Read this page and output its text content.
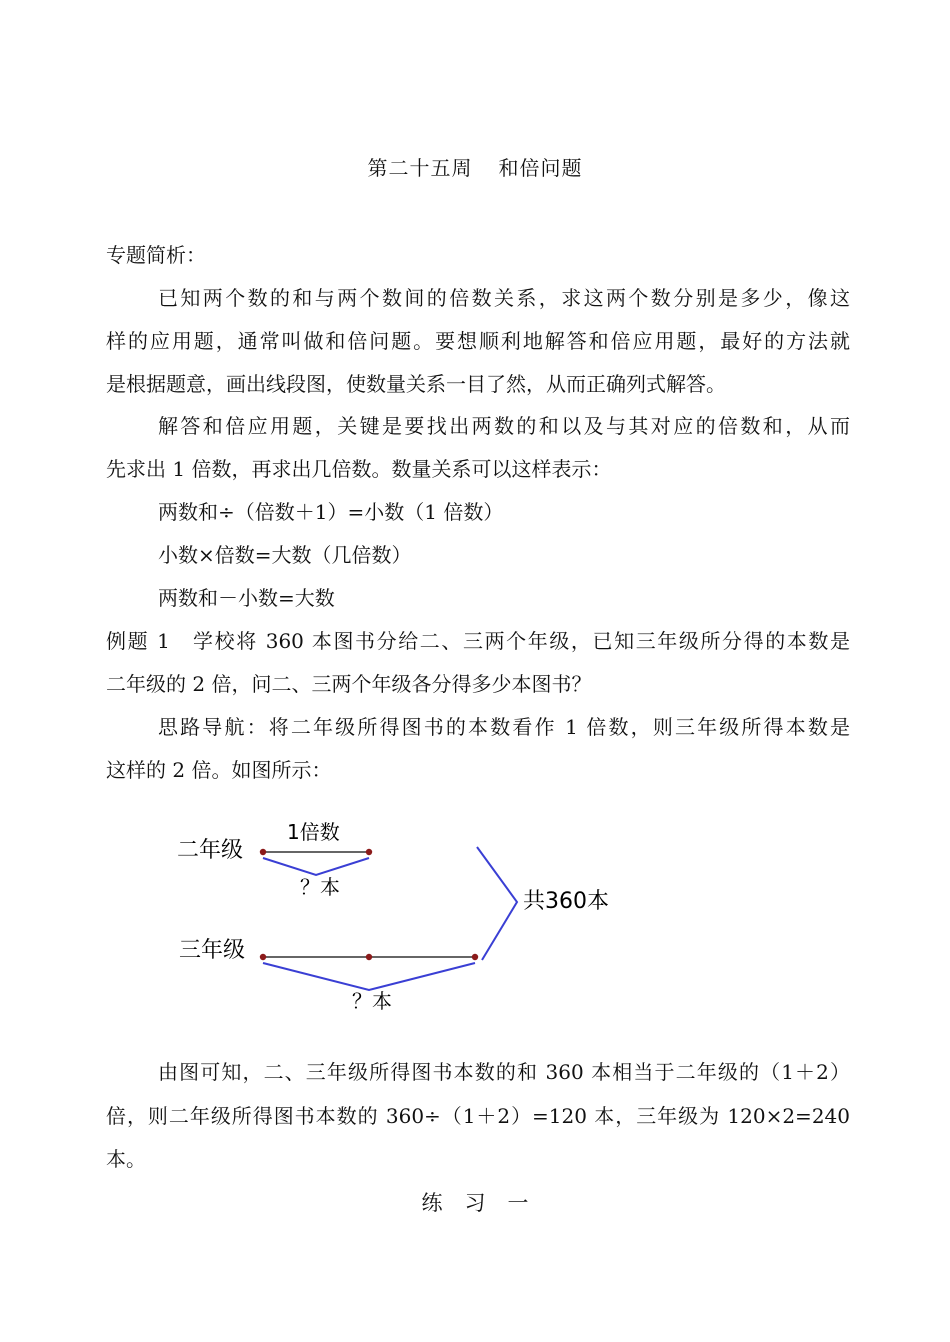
第二十五周 和倍问题
专题简析：
已知两个数的和与两个数间的倍数关系，求这两个数分别是多少，像这
样的应用题，通常叫做和倍问题。要想顺利地解答和倍应用题，最好的方法就
是根据题意，画出线段图，使数量关系一目了然，从而正确列式解答。
解答和倍应用题，关键是要找出两数的和以及与其对应的倍数和，从而
先求出 1 倍数，再求出几倍数。数量关系可以这样表示：
两数和÷（倍数＋1）=小数（1 倍数）
小数×倍数=大数（几倍数）
两数和－小数=大数
例题 1　学校将 360 本图书分给二、三两个年级，已知三年级所分得的本数是
二年级的 2 倍，问二、三两个年级各分得多少本图书？
思路导航：将二年级所得图书的本数看作 1 倍数，则三年级所得本数是
这样的 2 倍。如图所示：
二年级
1倍数
？本
三年级
？本
共360本
由图可知，二、三年级所得图书本数的和 360 本相当于二年级的（1＋2）
倍，则二年级所得图书本数的 360÷（1＋2）=120 本，三年级为 120×2=240
本。
练习一
